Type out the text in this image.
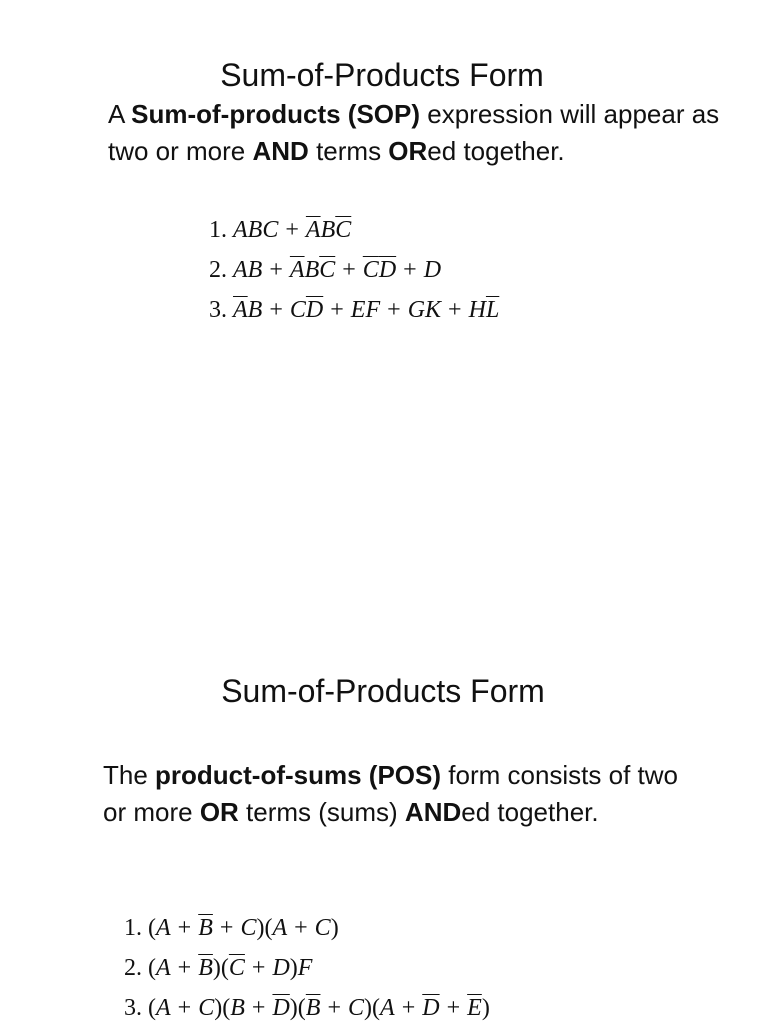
Sum-of-Products Form

A Sum-of-products (SOP) expression will appear as two or more AND terms ORed together.

1. ABC + $\overline{A}B\overline{C}$
2. AB + $\overline{A}B\overline{C} + \overline{C}\overline{D} + D$
3. $\overline{A}B + C\overline{D}$ + EF + GK + $H\overline{L}$
Sum-of-Products Form

The product-of-sums (POS) form consists of two or more OR terms (sums) ANDed together.

1. $(A + \overline{B} + C)(A + C)$
2. $(A + \overline{B})(\overline{C} + D)F$
3. $(A + C)(B + \overline{D})(\overline{B} + C)(A + \overline{D} + \overline{E})$
